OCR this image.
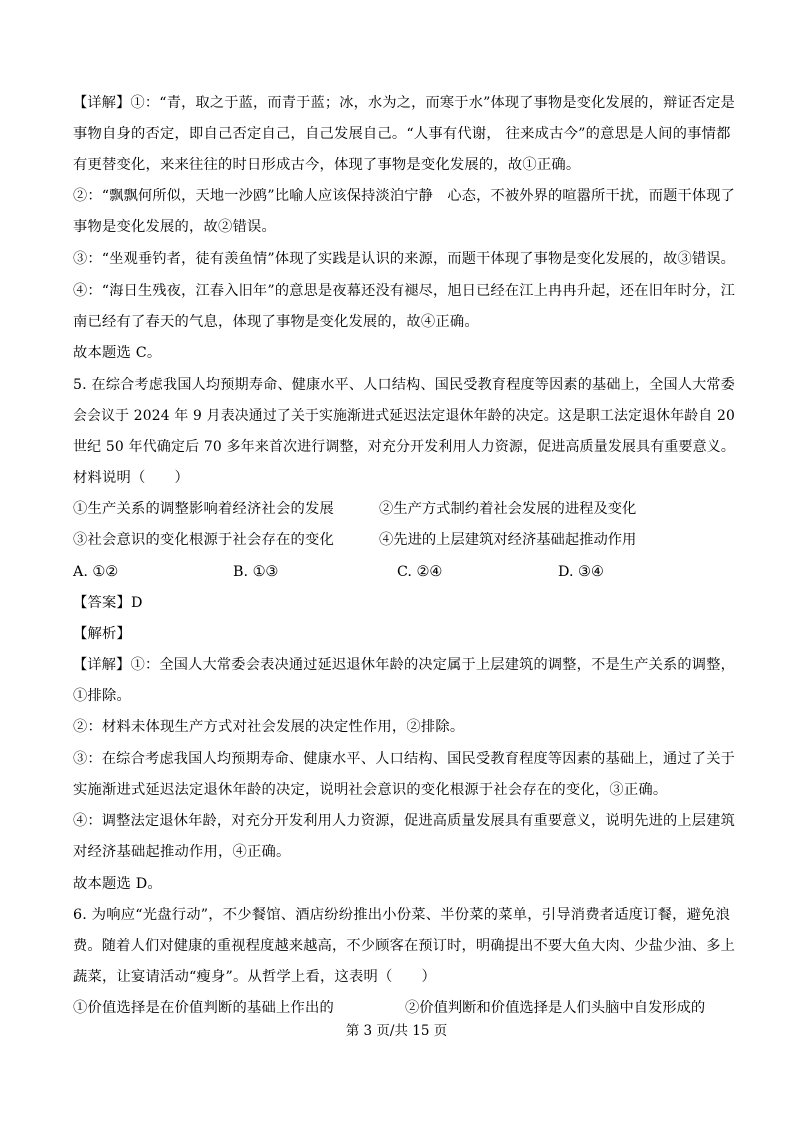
【详解】①：“青，取之于蓝，而青于蓝；冰，水为之，而寒于水”体现了事物是变化发展的，辩证否定是
事物自身的否定，即自己否定自己，自己发展自己。“人事有代谢， 往来成古今”的意思是人间的事情都
有更替变化，来来往往的时日形成古今，体现了事物是变化发展的，故①正确。
②：“飘飘何所似，天地一沙鸥”比喻人应该保持淡泊宁静　心态，不被外界的喧嚣所干扰，而题干体现了
事物是变化发展的，故②错误。
③：“坐观垂钓者，徒有羡鱼情”体现了实践是认识的来源，而题干体现了事物是变化发展的，故③错误。
④：“海日生残夜，江春入旧年”的意思是夜幕还没有褪尽，旭日已经在江上冉冉升起，还在旧年时分，江
南已经有了春天的气息，体现了事物是变化发展的，故④正确。
故本题选 C。
5. 在综合考虑我国人均预期寿命、健康水平、人口结构、国民受教育程度等因素的基础上，全国人大常委
会会议于 2024 年 9 月表决通过了关于实施渐进式延迟法定退休年龄的决定。这是职工法定退休年龄自 20
世纪 50 年代确定后 70 多年来首次进行调整，对充分开发利用人力资源，促进高质量发展具有重要意义。
材料说明（　　）
①生产关系的调整影响着经济社会的发展	②生产方式制约着社会发展的进程及变化
③社会意识的变化根源于社会存在的变化	④先进的上层建筑对经济基础起推动作用
A. ①②	B. ①③	C. ②④	D. ③④
【答案】D
【解析】
【详解】①：全国人大常委会表决通过延迟退休年龄的决定属于上层建筑的调整，不是生产关系的调整，
①排除。
②：材料未体现生产方式对社会发展的决定性作用，②排除。
③：在综合考虑我国人均预期寿命、健康水平、人口结构、国民受教育程度等因素的基础上，通过了关于
实施渐进式延迟法定退休年龄的决定，说明社会意识的变化根源于社会存在的变化，③正确。
④：调整法定退休年龄，对充分开发利用人力资源，促进高质量发展具有重要意义，说明先进的上层建筑
对经济基础起推动作用，④正确。
故本题选 D。
6. 为响应“光盘行动”，不少餐馆、酒店纷纷推出小份菜、半份菜的菜单，引导消费者适度订餐，避免浪
费。随着人们对健康的重视程度越来越高，不少顾客在预订时，明确提出不要大鱼大肉、少盐少油、多上
蔬菜，让宴请活动“瘦身”。从哲学上看，这表明（　　）
①价值选择是在价值判断的基础上作出的	②价值判断和价值选择是人们头脑中自发形成的
第 3 页/共 15 页
